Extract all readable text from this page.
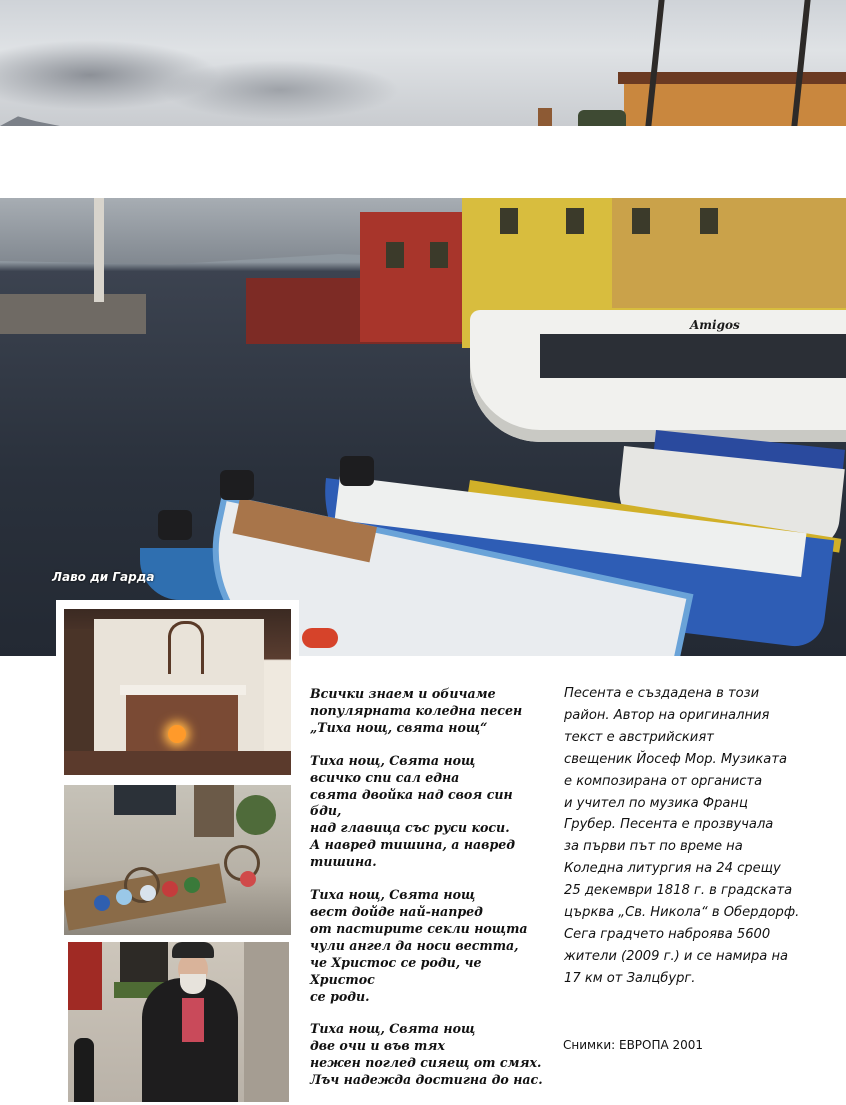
Amigos
Лаво ди Гарда

Всички знаем и обичаме
популярната коледна песен
„Тиха нощ, свята нощ“

Тиха нощ, Свята нощ
всичко спи сал една
свята двойка над своя син бди,
над главица със руси коси.
А навред тишина, а навред
тишина.

Тиха нощ, Свята нощ
вест дойде най-напред
от пастирите секли нощта
чули ангел да носи вестта,
че Христос се роди, че Христос
се роди.

Тиха нощ, Свята нощ
две очи и във тях
нежен поглед сияещ от смях.
Лъч надежда достигна до нас.

Песента е създадена в този

район. Автор на оригиналния

текст е австрийският

свещеник Йосеф Мор. Музиката

е композирана от органиста

и учител по музика Франц

Грубер. Песента е прозвучала

за първи път по време на

Коледна литургия на 24 срещу

25 декември 1818 г. в градската

църква „Св. Никола“ в Обердорф.

Сега градчето наброява 5600

жители (2009 г.) и се намира на

17 км от Залцбург.

Снимки: ЕВРОПА 2001
